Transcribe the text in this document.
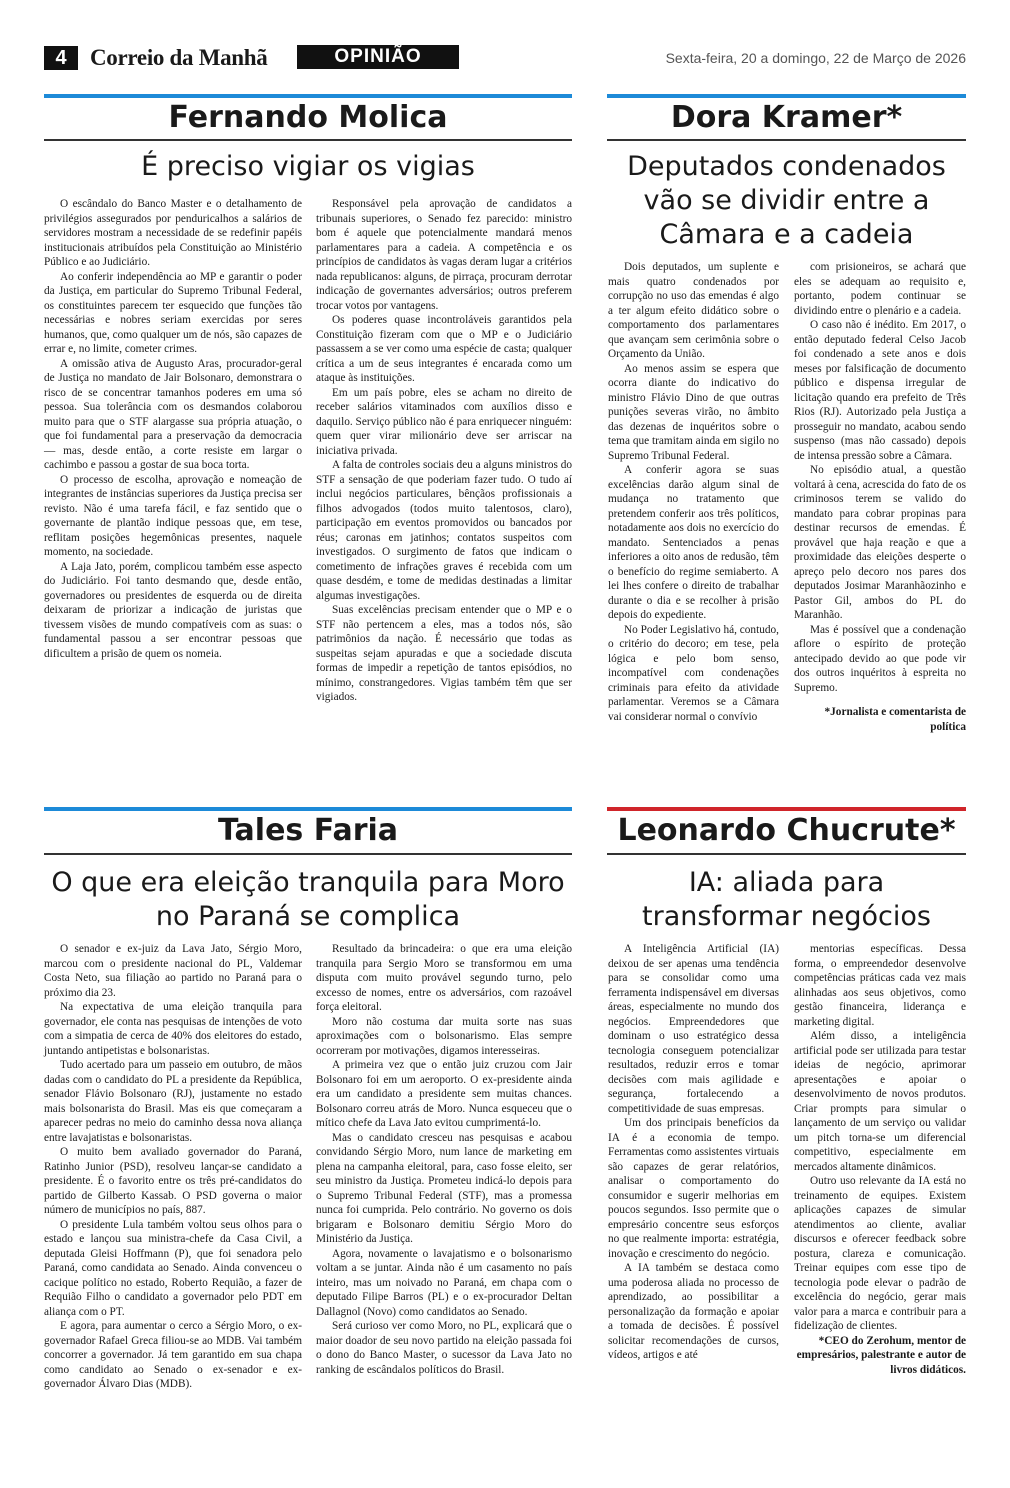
4	Correio da Manhã	OPINIÃO	Sexta-feira, 20 a domingo, 22 de Março de 2026
Fernando Molica
É preciso vigiar os vigias

O escândalo do Banco Master e o detalhamento de privilégios assegurados por penduricalhos a salários de servidores mostram a necessidade de se redefinir papéis institucionais atribuídos pela Constituição ao Ministério Público e ao Judiciário.

Ao conferir independência ao MP e garantir o poder da Justiça, em particular do Supremo Tribunal Federal, os constituintes parecem ter esquecido que funções tão necessárias e nobres seriam exercidas por seres humanos, que, como qualquer um de nós, são capazes de errar e, no limite, cometer crimes.

A omissão ativa de Augusto Aras, procurador-geral de Justiça no mandato de Jair Bolsonaro, demonstrara o risco de se concentrar tamanhos poderes em uma só pessoa. Sua tolerância com os desmandos colaborou muito para que o STF alargasse sua própria atuação, o que foi fundamental para a preservação da democracia — mas, desde então, a corte resiste em largar o cachimbo e passou a gostar de sua boca torta.

O processo de escolha, aprovação e nomeação de integrantes de instâncias superiores da Justiça precisa ser revisto. Não é uma tarefa fácil, e faz sentido que o governante de plantão indique pessoas que, em tese, reflitam posições hegemônicas presentes, naquele momento, na sociedade.

A Laja Jato, porém, complicou também esse aspecto do Judiciário. Foi tanto desmando que, desde então, governadores ou presidentes de esquerda ou de direita deixaram de priorizar a indicação de juristas que tivessem visões de mundo compatíveis com as suas: o fundamental passou a ser encontrar pessoas que dificultem a prisão de quem os nomeia.

Responsável pela aprovação de candidatos a tribunais superiores, o Senado fez parecido: ministro bom é aquele que potencialmente mandará menos parlamentares para a cadeia. A competência e os princípios de candidatos às vagas deram lugar a critérios nada republicanos: alguns, de pirraça, procuram derrotar indicação de governantes adversários; outros preferem trocar votos por vantagens.

Os poderes quase incontroláveis garantidos pela Constituição fizeram com que o MP e o Judiciário passassem a se ver como uma espécie de casta; qualquer crítica a um de seus integrantes é encarada como um ataque às instituições.

Em um país pobre, eles se acham no direito de receber salários vitaminados com auxílios disso e daquilo. Serviço público não é para enriquecer ninguém: quem quer virar milionário deve ser arriscar na iniciativa privada.

A falta de controles sociais deu a alguns ministros do STF a sensação de que poderiam fazer tudo. O tudo aí inclui negócios particulares, bênçãos profissionais a filhos advogados (todos muito talentosos, claro), participação em eventos promovidos ou bancados por réus; caronas em jatinhos; contatos suspeitos com investigados. O surgimento de fatos que indicam o cometimento de infrações graves é recebida com um quase desdém, e tome de medidas destinadas a limitar algumas investigações.

Suas excelências precisam entender que o MP e o STF não pertencem a eles, mas a todos nós, são patrimônios da nação. É necessário que todas as suspeitas sejam apuradas e que a sociedade discuta formas de impedir a repetição de tantos episódios, no mínimo, constrangedores. Vigias também têm que ser vigiados.

Dora Kramer*
Deputados condenados vão se dividir entre a Câmara e a cadeia

Dois deputados, um suplente e mais quatro condenados por corrupção no uso das emendas é algo a ter algum efeito didático sobre o comportamento dos parlamentares que avançam sem cerimônia sobre o Orçamento da União.

Ao menos assim se espera que ocorra diante do indicativo do ministro Flávio Dino de que outras punições severas virão, no âmbito das dezenas de inquéritos sobre o tema que tramitam ainda em sigilo no Supremo Tribunal Federal.

A conferir agora se suas excelências darão algum sinal de mudança no tratamento que pretendem conferir aos três políticos, notadamente aos dois no exercício do mandato. Sentenciados a penas inferiores a oito anos de redusão, têm o benefício do regime semiaberto. A lei lhes confere o direito de trabalhar durante o dia e se recolher à prisão depois do expediente.

No Poder Legislativo há, contudo, o critério do decoro; em tese, pela lógica e pelo bom senso, incompatível com condenações criminais para efeito da atividade parlamentar. Veremos se a Câmara vai considerar normal o convívio

com prisioneiros, se achará que eles se adequam ao requisito e, portanto, podem continuar se dividindo entre o plenário e a cadeia.

O caso não é inédito. Em 2017, o então deputado federal Celso Jacob foi condenado a sete anos e dois meses por falsificação de documento público e dispensa irregular de licitação quando era prefeito de Três Rios (RJ). Autorizado pela Justiça a prosseguir no mandato, acabou sendo suspenso (mas não cassado) depois de intensa pressão sobre a Câmara.

No episódio atual, a questão voltará à cena, acrescida do fato de os criminosos terem se valido do mandato para cobrar propinas para destinar recursos de emendas. É provável que haja reação e que a proximidade das eleições desperte o apreço pelo decoro nos pares dos deputados Josimar Maranhãozinho e Pastor Gil, ambos do PL do Maranhão.

Mas é possível que a condenação aflore o espírito de proteção antecipado devido ao que pode vir dos outros inquéritos à espreita no Supremo.

*Jornalista e comentarista de política
Tales Faria
O que era eleição tranquila para Moro no Paraná se complica

O senador e ex-juiz da Lava Jato, Sérgio Moro, marcou com o presidente nacional do PL, Valdemar Costa Neto, sua filiação ao partido no Paraná para o próximo dia 23.

Na expectativa de uma eleição tranquila para governador, ele conta nas pesquisas de intenções de voto com a simpatia de cerca de 40% dos eleitores do estado, juntando antipetistas e bolsonaristas.

Tudo acertado para um passeio em outubro, de mãos dadas com o candidato do PL a presidente da República, senador Flávio Bolsonaro (RJ), justamente no estado mais bolsonarista do Brasil. Mas eis que começaram a aparecer pedras no meio do caminho dessa nova aliança entre lavajatistas e bolsonaristas.

O muito bem avaliado governador do Paraná, Ratinho Junior (PSD), resolveu lançar-se candidato a presidente. É o favorito entre os três pré-candidatos do partido de Gilberto Kassab. O PSD governa o maior número de municípios no país, 887.

O presidente Lula também voltou seus olhos para o estado e lançou sua ministra-chefe da Casa Civil, a deputada Gleisi Hoffmann (P), que foi senadora pelo Paraná, como candidata ao Senado. Ainda convenceu o cacique político no estado, Roberto Requião, a fazer de Requião Filho o candidato a governador pelo PDT em aliança com o PT.

E agora, para aumentar o cerco a Sérgio Moro, o ex-governador Rafael Greca filiou-se ao MDB. Vai também concorrer a governador. Já tem garantido em sua chapa como candidato ao Senado o ex-senador e ex-governador Álvaro Dias (MDB).

Resultado da brincadeira: o que era uma eleição tranquila para Sergio Moro se transformou em uma disputa com muito provável segundo turno, pelo excesso de nomes, entre os adversários, com razoável força eleitoral.

Moro não costuma dar muita sorte nas suas aproximações com o bolsonarismo. Elas sempre ocorreram por motivações, digamos interesseiras.

A primeira vez que o então juiz cruzou com Jair Bolsonaro foi em um aeroporto. O ex-presidente ainda era um candidato a presidente sem muitas chances. Bolsonaro correu atrás de Moro. Nunca esqueceu que o mítico chefe da Lava Jato evitou cumprimentá-lo.

Mas o candidato cresceu nas pesquisas e acabou convidando Sérgio Moro, num lance de marketing em plena na campanha eleitoral, para, caso fosse eleito, ser seu ministro da Justiça. Prometeu indicá-lo depois para o Supremo Tribunal Federal (STF), mas a promessa nunca foi cumprida. Pelo contrário. No governo os dois brigaram e Bolsonaro demitiu Sérgio Moro do Ministério da Justiça.

Agora, novamente o lavajatismo e o bolsonarismo voltam a se juntar. Ainda não é um casamento no país inteiro, mas um noivado no Paraná, em chapa com o deputado Filipe Barros (PL) e o ex-procurador Deltan Dallagnol (Novo) como candidatos ao Senado.

Será curioso ver como Moro, no PL, explicará que o maior doador de seu novo partido na eleição passada foi o dono do Banco Master, o sucessor da Lava Jato no ranking de escândalos políticos do Brasil.

Leonardo Chucrute*
IA: aliada para transformar negócios

A Inteligência Artificial (IA) deixou de ser apenas uma tendência para se consolidar como uma ferramenta indispensável em diversas áreas, especialmente no mundo dos negócios. Empreendedores que dominam o uso estratégico dessa tecnologia conseguem potencializar resultados, reduzir erros e tomar decisões com mais agilidade e segurança, fortalecendo a competitividade de suas empresas.

Um dos principais benefícios da IA é a economia de tempo. Ferramentas como assistentes virtuais são capazes de gerar relatórios, analisar o comportamento do consumidor e sugerir melhorias em poucos segundos. Isso permite que o empresário concentre seus esforços no que realmente importa: estratégia, inovação e crescimento do negócio.

A IA também se destaca como uma poderosa aliada no processo de aprendizado, ao possibilitar a personalização da formação e apoiar a tomada de decisões. É possível solicitar recomendações de cursos, vídeos, artigos e até

mentorias específicas. Dessa forma, o empreendedor desenvolve competências práticas cada vez mais alinhadas aos seus objetivos, como gestão financeira, liderança e marketing digital.

Além disso, a inteligência artificial pode ser utilizada para testar ideias de negócio, aprimorar apresentações e apoiar o desenvolvimento de novos produtos. Criar prompts para simular o lançamento de um serviço ou validar um pitch torna-se um diferencial competitivo, especialmente em mercados altamente dinâmicos.

Outro uso relevante da IA está no treinamento de equipes. Existem aplicações capazes de simular atendimentos ao cliente, avaliar discursos e oferecer feedback sobre postura, clareza e comunicação. Treinar equipes com esse tipo de tecnologia pode elevar o padrão de excelência do negócio, gerar mais valor para a marca e contribuir para a fidelização de clientes.

*CEO do Zerohum, mentor de empresários, palestrante e autor de livros didáticos.
